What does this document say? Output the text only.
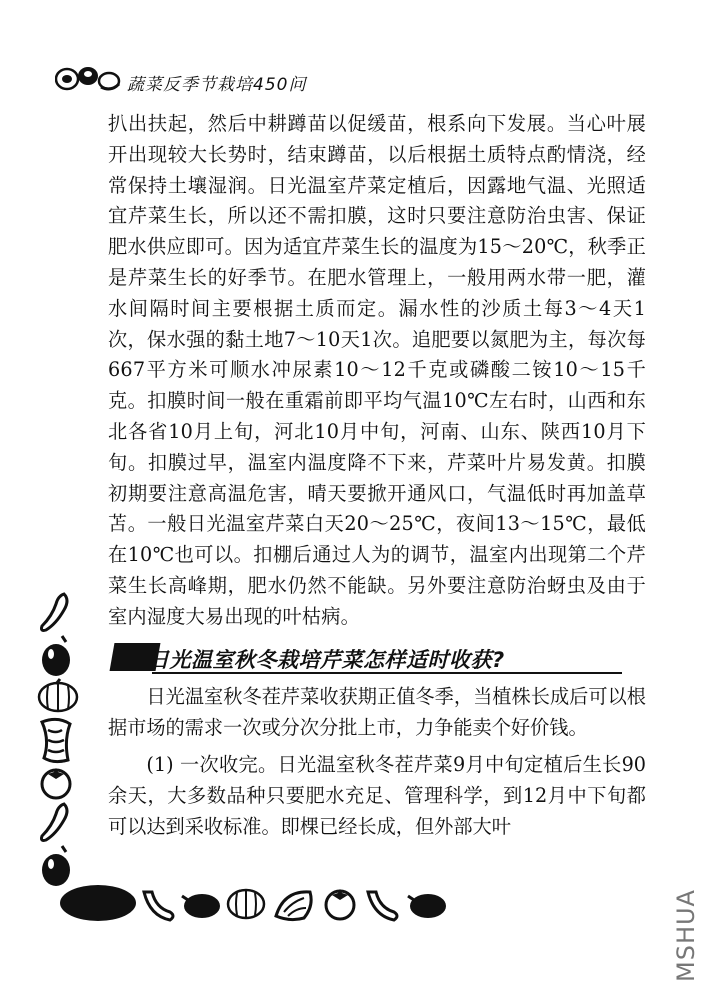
蔬菜反季节栽培450问

扒出扶起，然后中耕蹲苗以促缓苗，根系向下发展。当心叶展开出现较大长势时，结束蹲苗，以后根据土质特点酌情浇，经常保持土壤湿润。日光温室芹菜定植后，因露地气温、光照适宜芹菜生长，所以还不需扣膜，这时只要注意防治虫害、保证肥水供应即可。因为适宜芹菜生长的温度为15～20℃，秋季正是芹菜生长的好季节。在肥水管理上，一般用两水带一肥，灌水间隔时间主要根据土质而定。漏水性的沙质土每3～4天1次，保水强的黏土地7～10天1次。追肥要以氮肥为主，每次每667平方米可顺水冲尿素10～12千克或磷酸二铵10～15千克。扣膜时间一般在重霜前即平均气温10℃左右时，山西和东北各省10月上旬，河北10月中旬，河南、山东、陕西10月下旬。扣膜过早，温室内温度降不下来，芹菜叶片易发黄。扣膜初期要注意高温危害，晴天要掀开通风口，气温低时再加盖草苫。一般日光温室芹菜白天20～25℃，夜间13～15℃，最低在10℃也可以。扣棚后通过人为的调节，温室内出现第二个芹菜生长高峰期，肥水仍然不能缺。另外要注意防治蚜虫及由于室内湿度大易出现的叶枯病。

日光温室秋冬栽培芹菜怎样适时收获?

日光温室秋冬茬芹菜收获期正值冬季，当植株长成后可以根据市场的需求一次或分次分批上市，力争能卖个好价钱。

(1) 一次收完。日光温室秋冬茬芹菜9月中旬定植后生长90余天，大多数品种只要肥水充足、管理科学，到12月中下旬都可以达到采收标准。即棵已经长成，但外部大叶

MSHUA
